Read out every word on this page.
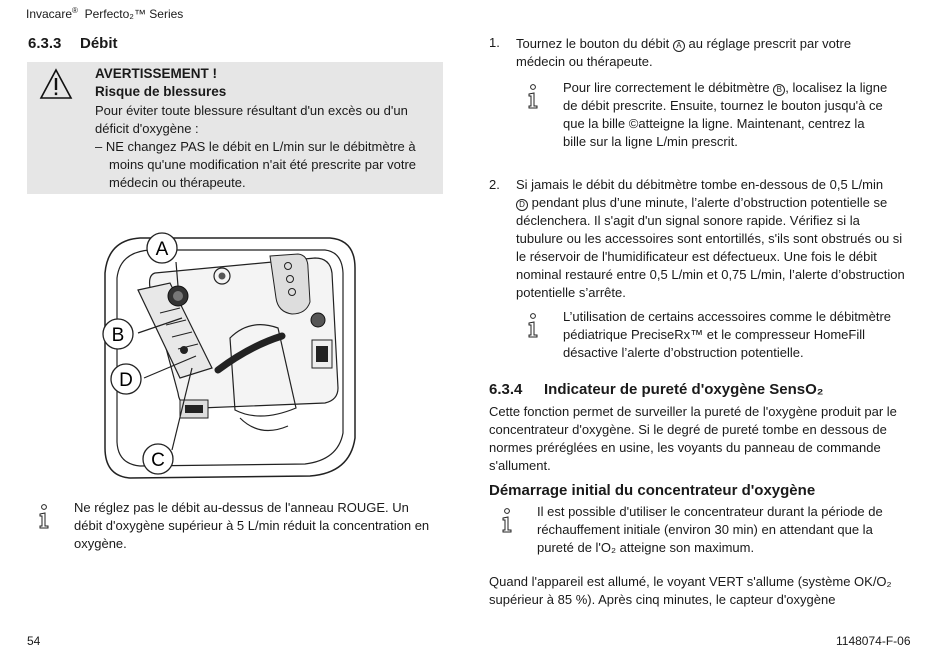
Invacare® Perfecto₂™ Series
6.3.3 Débit
AVERTISSEMENT !
Risque de blessures
Pour éviter toute blessure résultant d'un excès ou d'un déficit d'oxygène :
– NE changez PAS le débit en L/min sur le débitmètre à moins qu'une modification n'ait été prescrite par votre médecin ou thérapeute.
A
B
D
C
Ne réglez pas le débit au-dessus de l'anneau ROUGE. Un débit d'oxygène supérieur à 5 L/min réduit la concentration en oxygène.
1. Tournez le bouton du débit A au réglage prescrit par votre
médecin ou thérapeute.
Pour lire correctement le débitmètre B , localisez la ligne de débit prescrite. Ensuite, tournez le bouton jusqu'à ce que la bille ©atteigne la ligne. Maintenant, centrez la bille sur la ligne L/min prescrit.
2. Si jamais le débit du débitmètre tombe en-dessous de 0,5 L/min
D pendant plus d’une minute, l’alerte d’obstruction potentielle se déclenchera. Il s'agit d'un signal sonore rapide. Vérifiez si la tubulure ou les accessoires sont entortillés, s'ils sont obstrués ou si le réservoir de l'humidificateur est défectueux. Une fois le débit nominal restauré entre 0,5 L/min et 0,75 L/min, l’alerte d’obstruction potentielle s’arrête.
L’utilisation de certains accessoires comme le débitmètre pédiatrique PreciseRx™ et le compresseur HomeFill désactive l’alerte d’obstruction potentielle.
6.3.4 Indicateur de pureté d'oxygène SensO₂
Cette fonction permet de surveiller la pureté de l'oxygène produit par le concentrateur d'oxygène. Si le degré de pureté tombe en dessous de normes préréglées en usine, les voyants du panneau de commande s'allument.
Démarrage initial du concentrateur d'oxygène
Il est possible d'utiliser le concentrateur durant la période de réchauffement initiale (environ 30 min) en attendant que la pureté de l'O₂ atteigne son maximum.
Quand l'appareil est allumé, le voyant VERT s'allume (système OK/O₂ supérieur à 85 %). Après cinq minutes, le capteur d'oxygène
54	1148074-F-06
